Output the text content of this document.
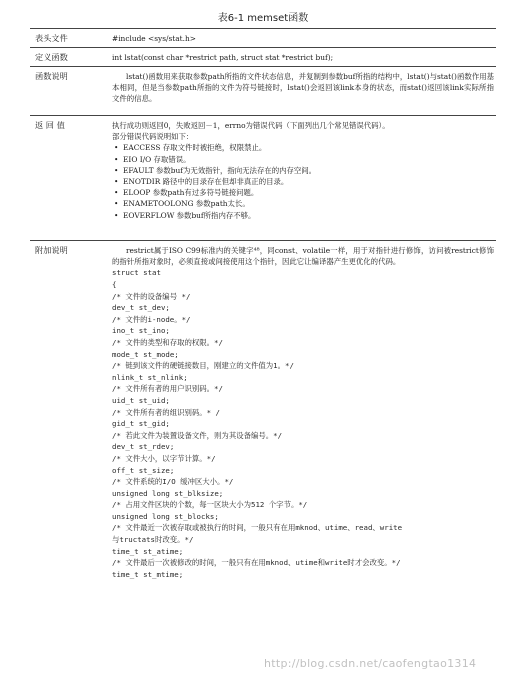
表6-1 memset函数
表头文件	#include <sys/stat.h>

定义函数	int lstat(const char *restrict path, struct stat *restrict buf);

函数说明	lstat()函数用来获取参数path所指的文件状态信息，并复制到参数buf所指的结构中，lstat()与stat()函数作用基本相同，但是当参数path所指的文件为符号链接时，lstat()会返回该link本身的状态，而stat()返回该link实际所指文件的信息。

返 回 值	执行成功则返回0，失败返回－1，errno为错误代码（下面列出几个常见错误代码）。

部分错误代码说明如下：

• EACCESS 存取文件时被拒绝，权限禁止。
• EIO I/O 存取错误。
• EFAULT 参数buf为无效指针，指向无法存在的内存空间。
• ENOTDIR 路径中的目录存在但却非真正的目录。
• ELOOP 参数path有过多符号链接问题。
• ENAMETOOLONG 参数path太长。
• EOVERFLOW 参数buf所指内存不够。
附加说明	restrict属于ISO C99标准内的关键字⁴⁸，同const、volatile一样，用于对指针进行修饰，访问被restrict修饰的指针所指对象时，必须直接或间接使用这个指针，因此它让编译器产生更优化的代码。

struct stat
{
/* 文件的设备编号 */
dev_t st_dev;
/* 文件的i-node。*/
ino_t st_ino;
/* 文件的类型和存取的权限。*/
mode_t st_mode;
/* 链到该文件的硬链接数目，刚建立的文件值为1。*/
nlink_t st_nlink;
/* 文件所有者的用户识别码。*/
uid_t st_uid;
/* 文件所有者的组识别码。* /
gid_t st_gid;
/* 若此文件为装置设备文件，则为其设备编号。*/
dev_t st_rdev;
/* 文件大小，以字节计算。*/
off_t st_size;
/* 文件系统的I/O 缓冲区大小。*/
unsigned long st_blksize;
/* 占用文件区块的个数，每一区块大小为512 个字节。*/
unsigned long st_blocks;
/* 文件最近一次被存取或被执行的时间，一般只有在用mknod、utime、read、write
与tructats时改变。*/
time_t st_atime;
/* 文件最后一次被修改的时间，一般只有在用mknod、utime和write时才会改变。*/
time_t st_mtime;
http://blog.csdn.net/caofengtao1314
